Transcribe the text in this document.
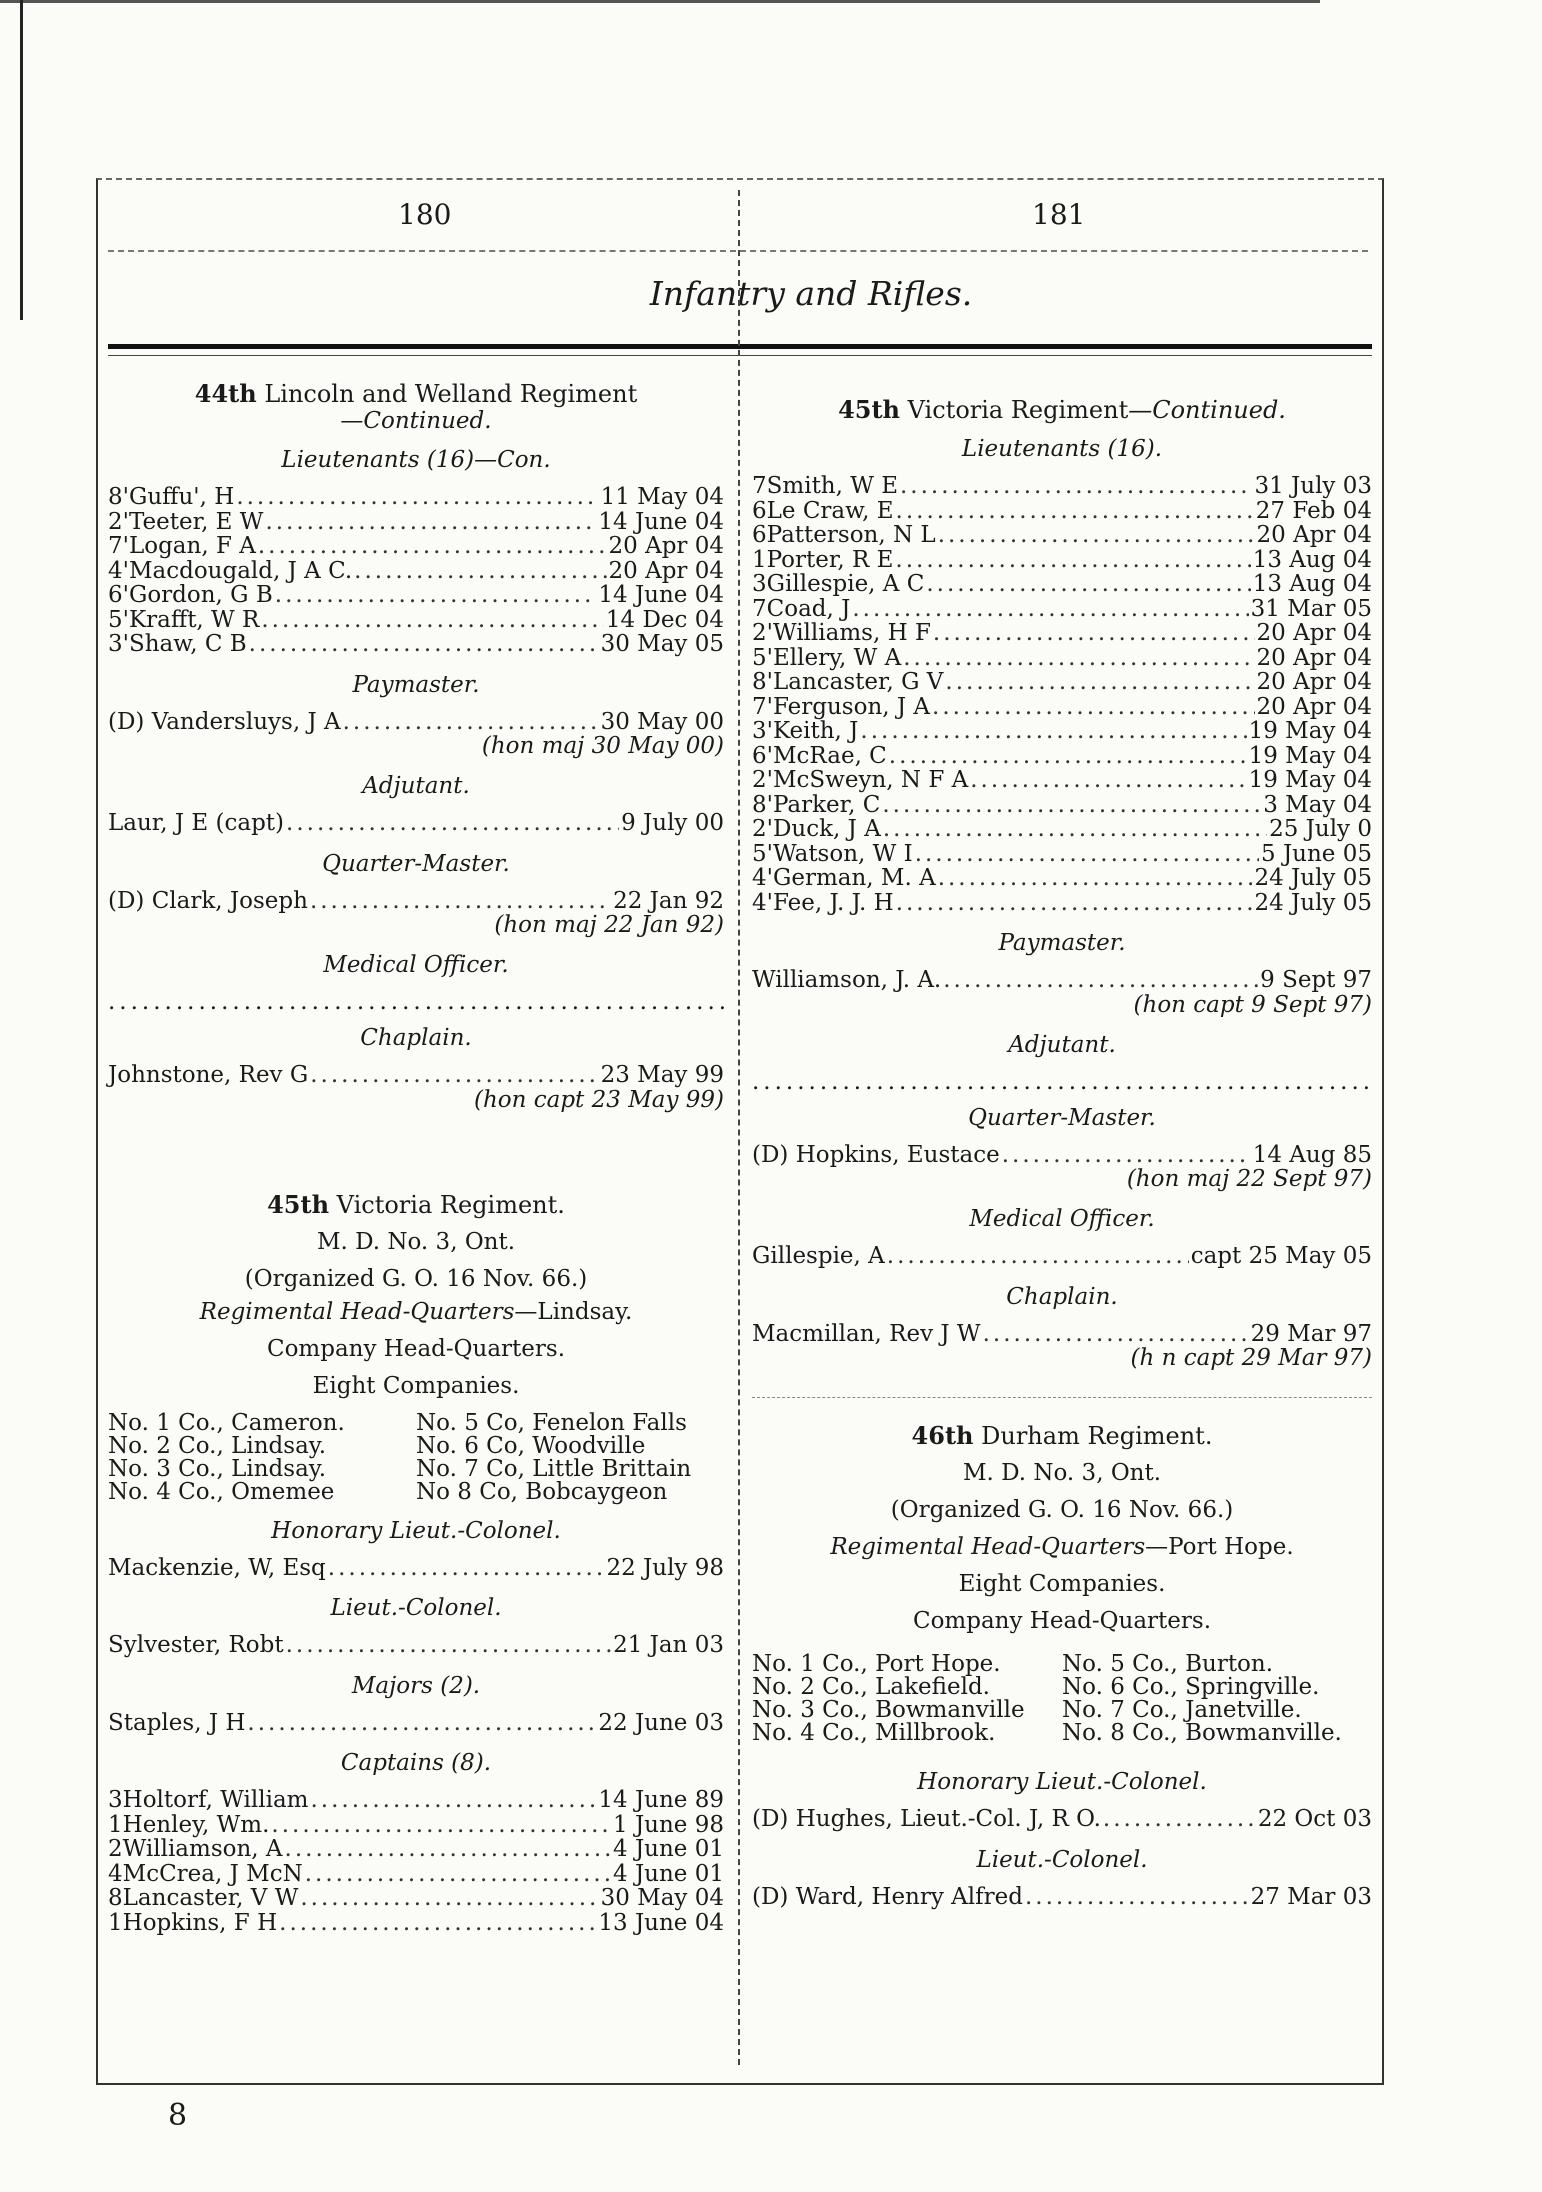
180	181
Infantry and Rifles.
44th Lincoln and Welland Regiment
—Continued.
Lieutenants (16)—Con.
8 'Guffu', H .....	11 May 04
2 'Teeter, E W .....	14 June 04
7 'Logan, F A .....	20 Apr 04
4 'Macdougald, J A C. .....	20 Apr 04
6 'Gordon, G B .....	14 June 04
5 'Krafft, W R .....	14 Dec 04
3 'Shaw, C B .....	30 May 05
Paymaster.
(D) Vandersluys, J A .....	30 May 00
(hon maj 30 May 00)
Adjutant.
Laur, J E (capt) .....	9 July 00
Quarter-Master.
(D) Clark, Joseph .....	22 Jan 92
(hon maj 22 Jan 92)
Medical Officer.
.....
Chaplain.
Johnstone, Rev G .....	23 May 99
(hon capt 23 May 99)
45th Victoria Regiment.
M. D. No. 3, Ont.
(Organized G. O. 16 Nov. 66.)
Regimental Head-Quarters—Lindsay.
Company Head-Quarters.
Eight Companies.
No. 1 Co., Cameron.	No. 5 Co, Fenelon Falls
No. 2 Co., Lindsay.	No. 6 Co, Woodville
No. 3 Co., Lindsay.	No. 7 Co, Little Brittain
No. 4 Co., Omemee	No 8 Co, Bobcaygeon
Honorary Lieut.-Colonel.
Mackenzie, W, Esq .....	22 July 98
Lieut.-Colonel.
Sylvester, Robt .....	21 Jan 03
Majors (2).
Staples, J H .....	22 June 03
Captains (8).
3 Holtorf, William .....	14 June 89
1 Henley, Wm. .....	1 June 98
2 Williamson, A .....	4 June 01
4 McCrea, J McN .....	4 June 01
8 Lancaster, V W .....	30 May 04
1 Hopkins, F H .....	13 June 04
45th Victoria Regiment—Continued.
Lieutenants (16).
7 Smith, W E .....	31 July 03
6 Le Craw, E .....	27 Feb 04
6 Patterson, N L .....	20 Apr 04
1 Porter, R E .....	13 Aug 04
3 Gillespie, A C .....	13 Aug 04
7 Coad, J .....	31 Mar 05
2 'Williams, H F .....	20 Apr 04
5 'Ellery, W A .....	20 Apr 04
8 'Lancaster, G V .....	20 Apr 04
7 'Ferguson, J A .....	20 Apr 04
3 'Keith, J .....	19 May 04
6 'McRae, C .....	19 May 04
2 'McSweyn, N F A .....	19 May 04
8 'Parker, C .....	3 May 04
2 'Duck, J A .....	25 July 0
5 'Watson, W I .....	5 June 05
4 'German, M. A .....	24 July 05
4 'Fee, J. J. H .....	24 July 05
Paymaster.
Williamson, J. A. .....	9 Sept 97
(hon capt 9 Sept 97)
Adjutant.
.....
Quarter-Master.
(D) Hopkins, Eustace .....	14 Aug 85
(hon maj 22 Sept 97)
Medical Officer.
Gillespie, A .....	capt 25 May 05
Chaplain.
Macmillan, Rev J W .....	29 Mar 97
(h n capt 29 Mar 97)
46th Durham Regiment.
M. D. No. 3, Ont.
(Organized G. O. 16 Nov. 66.)
Regimental Head-Quarters—Port Hope.
Eight Companies.
Company Head-Quarters.
No. 1 Co., Port Hope.	No. 5 Co., Burton.
No. 2 Co., Lakefield.	No. 6 Co., Springville.
No. 3 Co., Bowmanville	No. 7 Co., Janetville.
No. 4 Co., Millbrook.	No. 8 Co., Bowmanville.
Honorary Lieut.-Colonel.
(D) Hughes, Lieut.-Col. J, R O. .....	22 Oct 03
Lieut.-Colonel.
(D) Ward, Henry Alfred .....	27 Mar 03
8
